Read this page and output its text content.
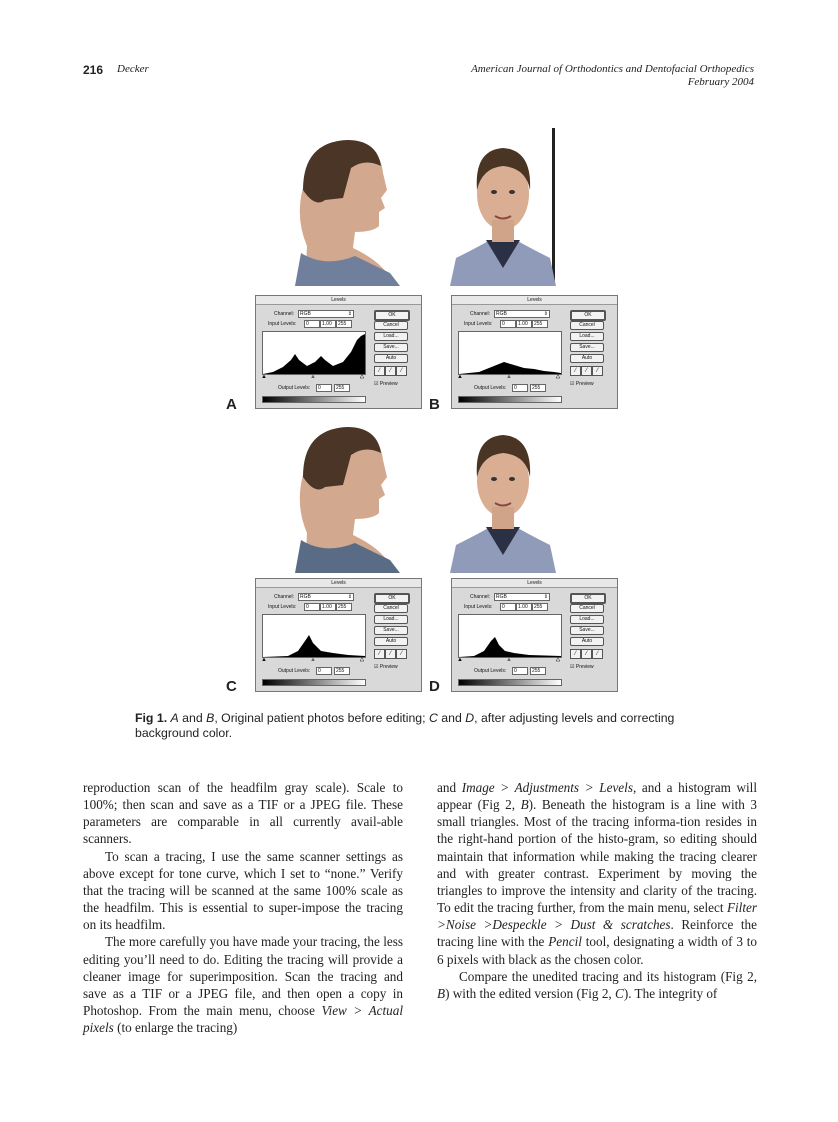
216 Decker	American Journal of Orthodontics and Dentofacial Orthopedics
February 2004
Levels
Channel:	RGB	⇕
Input Levels:	0	1.00	255
▲	▲	▲
Output Levels:	0	255
OK
Cancel
Load...
Save...
Auto
⁄	⁄	⁄
☑ Preview
A
Levels
Channel:	RGB	⇕
Input Levels:	0	1.00	255
▲	▲	▲
Output Levels:	0	255
OK
Cancel
Load...
Save...
Auto
⁄	⁄	⁄
☑ Preview
B
Levels
Channel:	RGB	⇕
Input Levels:	0	1.00	255
▲	▲	▲
Output Levels:	0	255
OK
Cancel
Load...
Save...
Auto
⁄	⁄	⁄
☑ Preview
C
Levels
Channel:	RGB	⇕
Input Levels:	0	1.00	255
▲	▲	▲
Output Levels:	0	255
OK
Cancel
Load...
Save...
Auto
⁄	⁄	⁄
☑ Preview
D
Fig 1. A and B, Original patient photos before editing; C and D, after adjusting levels and correcting background color.

reproduction scan of the headfilm gray scale). Scale to 100%; then scan and save as a TIF or a JPEG file. These parameters are comparable in all currently avail-able scanners.

To scan a tracing, I use the same scanner settings as above except for tone curve, which I set to “none.” Verify that the tracing will be scanned at the same 100% scale as the headfilm. This is essential to super-impose the tracing on its headfilm.

The more carefully you have made your tracing, the less editing you’ll need to do. Editing the tracing will provide a cleaner image for superimposition. Scan the tracing and save as a TIF or a JPEG file, and then open a copy in Photoshop. From the main menu, choose View > Actual pixels (to enlarge the tracing)

and Image > Adjustments > Levels, and a histogram will appear (Fig 2, B). Beneath the histogram is a line with 3 small triangles. Most of the tracing informa-tion resides in the right-hand portion of the histo-gram, so editing should maintain that information while making the tracing clearer and with greater contrast. Experiment by moving the triangles to improve the intensity and clarity of the tracing. To edit the tracing further, from the main menu, select Filter >Noise >Despeckle > Dust & scratches. Reinforce the tracing line with the Pencil tool, designating a width of 3 to 6 pixels with black as the chosen color.

Compare the unedited tracing and its histogram (Fig 2, B) with the edited version (Fig 2, C). The integrity of
